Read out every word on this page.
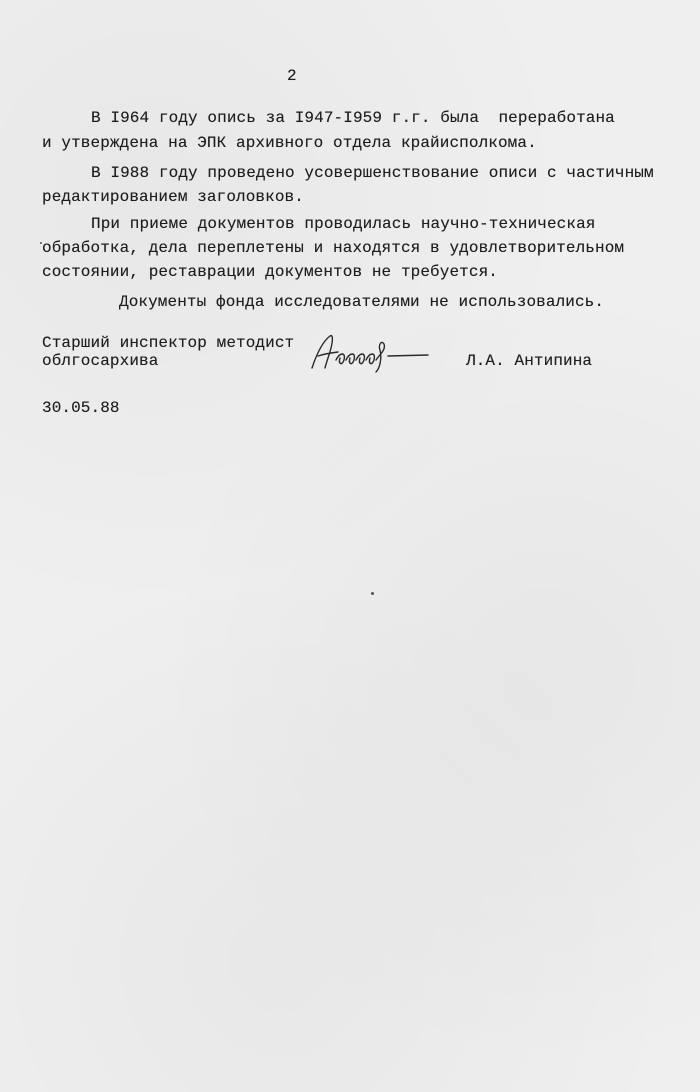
2
В I964 году опись за I947-I959 г.г. была  переработана
и утверждена на ЭПК архивного отдела крайисполкома.
В I988 году проведено усовершенствование описи с частичным
редактированием заголовков.
При приеме документов проводилась научно-техническая
обработка, дела переплетены и находятся в удовлетворительном
состоянии, реставрации документов не требуется.
Документы фонда исследователями не использовались.
Старший инспектор методист
облгосархива	Л.А. Антипина
30.05.88
